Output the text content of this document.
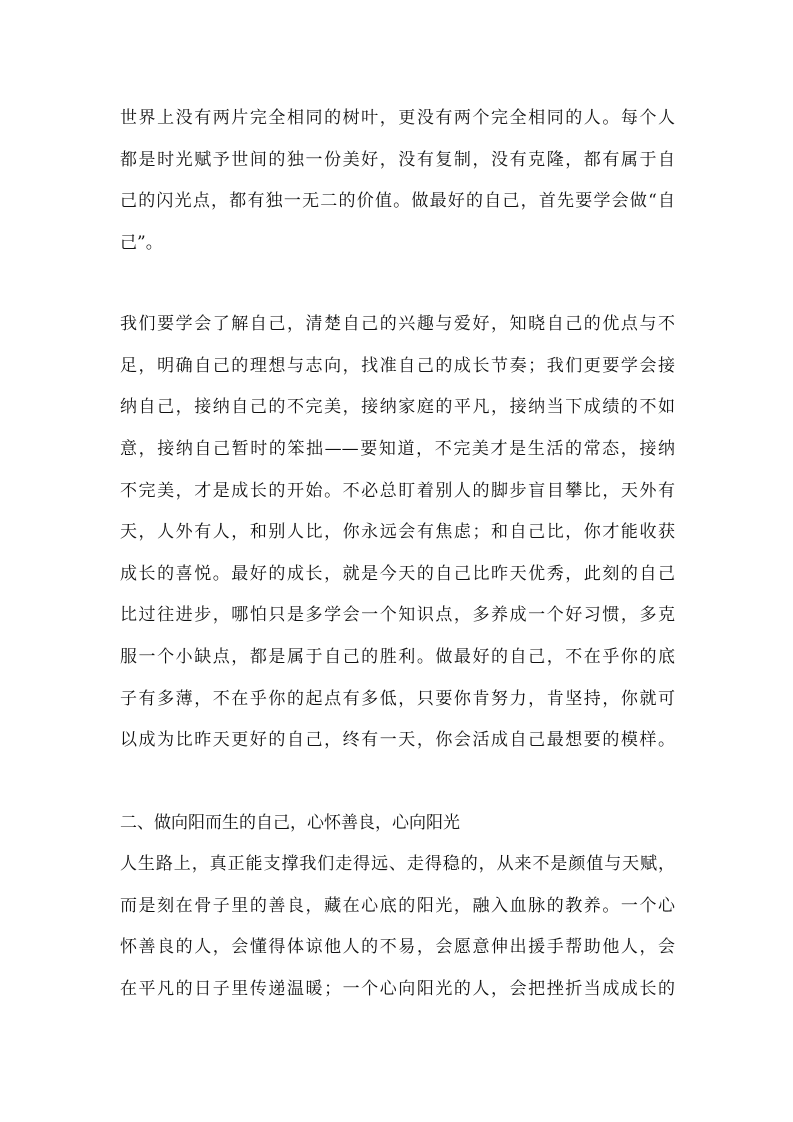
世界上没有两片完全相同的树叶，更没有两个完全相同的人。每个人
都是时光赋予世间的独一份美好，没有复制，没有克隆，都有属于自
己的闪光点，都有独一无二的价值。做最好的自己，首先要学会做“自
己”。
我们要学会了解自己，清楚自己的兴趣与爱好，知晓自己的优点与不
足，明确自己的理想与志向，找准自己的成长节奏；我们更要学会接
纳自己，接纳自己的不完美，接纳家庭的平凡，接纳当下成绩的不如
意，接纳自己暂时的笨拙——要知道，不完美才是生活的常态，接纳
不完美，才是成长的开始。不必总盯着别人的脚步盲目攀比，天外有
天，人外有人，和别人比，你永远会有焦虑；和自己比，你才能收获
成长的喜悦。最好的成长，就是今天的自己比昨天优秀，此刻的自己
比过往进步，哪怕只是多学会一个知识点，多养成一个好习惯，多克
服一个小缺点，都是属于自己的胜利。做最好的自己，不在乎你的底
子有多薄，不在乎你的起点有多低，只要你肯努力，肯坚持，你就可
以成为比昨天更好的自己，终有一天，你会活成自己最想要的模样。
二、做向阳而生的自己，心怀善良，心向阳光
人生路上，真正能支撑我们走得远、走得稳的，从来不是颜值与天赋，
而是刻在骨子里的善良，藏在心底的阳光，融入血脉的教养。一个心
怀善良的人，会懂得体谅他人的不易，会愿意伸出援手帮助他人，会
在平凡的日子里传递温暖；一个心向阳光的人，会把挫折当成成长的
